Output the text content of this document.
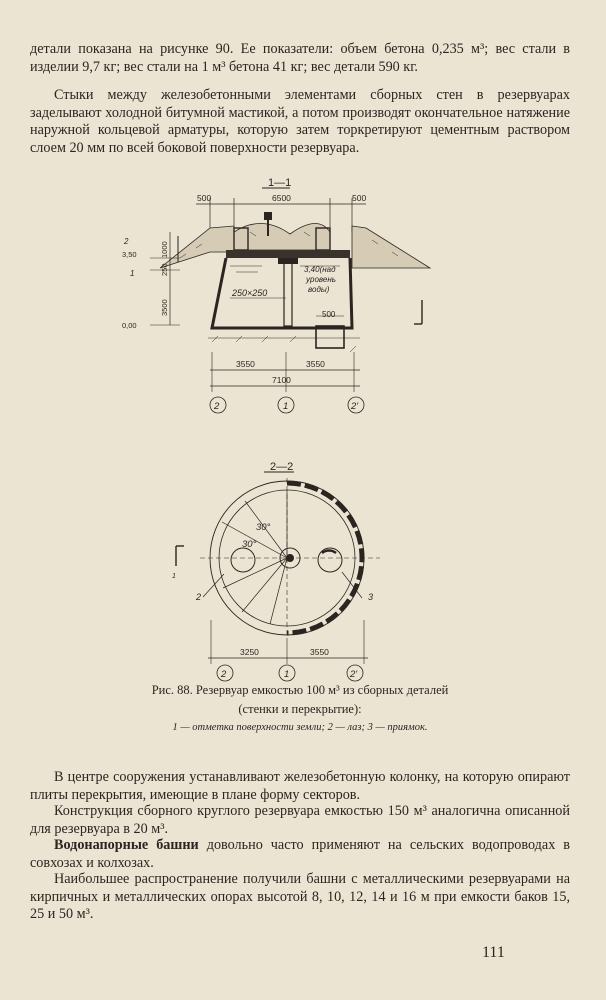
детали показана на рисунке 90. Ее показатели: объем бетона 0,235 м³; вес стали в изделии 9,7 кг; вес стали на 1 м³ бетона 41 кг; вес детали 590 кг.

Стыки между железобетонными элементами сборных стен в резервуарах заделывают холодной битумной мастикой, а потом производят окончательное натяжение наружной кольцевой арматуры, которую затем торкретируют цементным раствором слоем 20 мм по всей боковой поверхности резервуара.

1—1
500	6500	500
500
3,40(над
уровень
воды)
250×250
2
3,50
1
0,00
1000
250
3500
3550	3550
7100
2	1	2'
2—2
30°
30°
2	3
1
3250	3550
2	1	2'

Рис. 88. Резервуар емкостью 100 м³ из сборных деталей

(стенки и перекрытие):

1 — отметка поверхности земли; 2 — лаз; 3 — приямок.

В центре сооружения устанавливают железобетонную колонку, на которую опирают плиты перекрытия, имеющие в плане форму секторов.

Конструкция сборного круглого резервуара емкостью 150 м³ аналогична описанной для резервуара в 20 м³.

Водонапорные башни довольно часто применяют на сельских водопроводах в совхозах и колхозах.

Наибольшее распространение получили башни с металлическими резервуарами на кирпичных и металлических опорах высотой 8, 10, 12, 14 и 16 м при емкости баков 15, 25 и 50 м³.

111
